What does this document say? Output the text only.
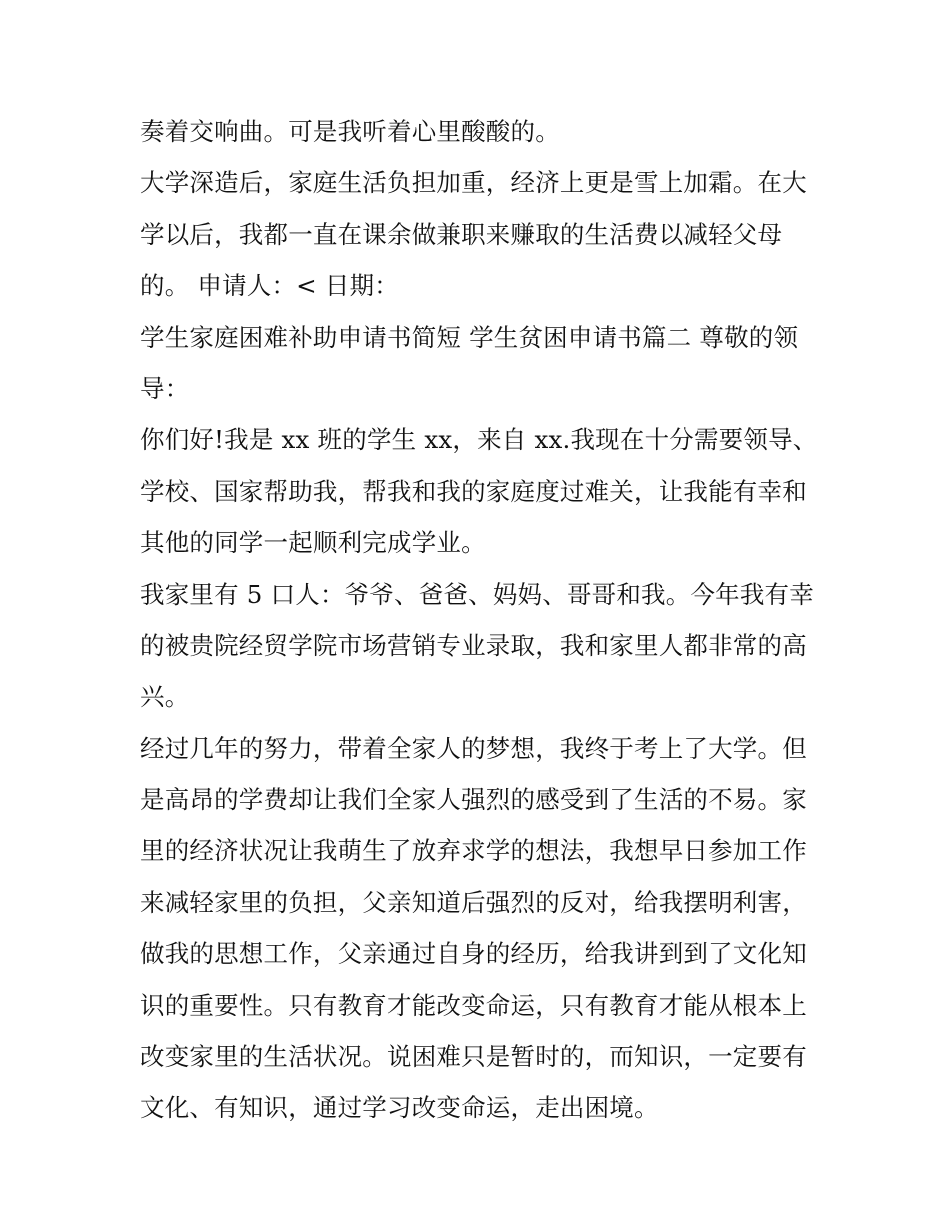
奏着交响曲。可是我听着心里酸酸的。
大学深造后，家庭生活负担加重，经济上更是雪上加霜。在大
学以后，我都一直在课余做兼职来赚取的生活费以减轻父母
的。 申请人：< 日期：
学生家庭困难补助申请书简短 学生贫困申请书篇二 尊敬的领
导：
你们好!我是 xx 班的学生 xx，来自 xx.我现在十分需要领导、
学校、国家帮助我，帮我和我的家庭度过难关，让我能有幸和
其他的同学一起顺利完成学业。
我家里有 5 口人：爷爷、爸爸、妈妈、哥哥和我。今年我有幸
的被贵院经贸学院市场营销专业录取，我和家里人都非常的高
兴。
经过几年的努力，带着全家人的梦想，我终于考上了大学。但
是高昂的学费却让我们全家人强烈的感受到了生活的不易。家
里的经济状况让我萌生了放弃求学的想法，我想早日参加工作
来减轻家里的负担，父亲知道后强烈的反对，给我摆明利害，
做我的思想工作，父亲通过自身的经历，给我讲到到了文化知
识的重要性。只有教育才能改变命运，只有教育才能从根本上
改变家里的生活状况。说困难只是暂时的，而知识，一定要有
文化、有知识，通过学习改变命运，走出困境。
